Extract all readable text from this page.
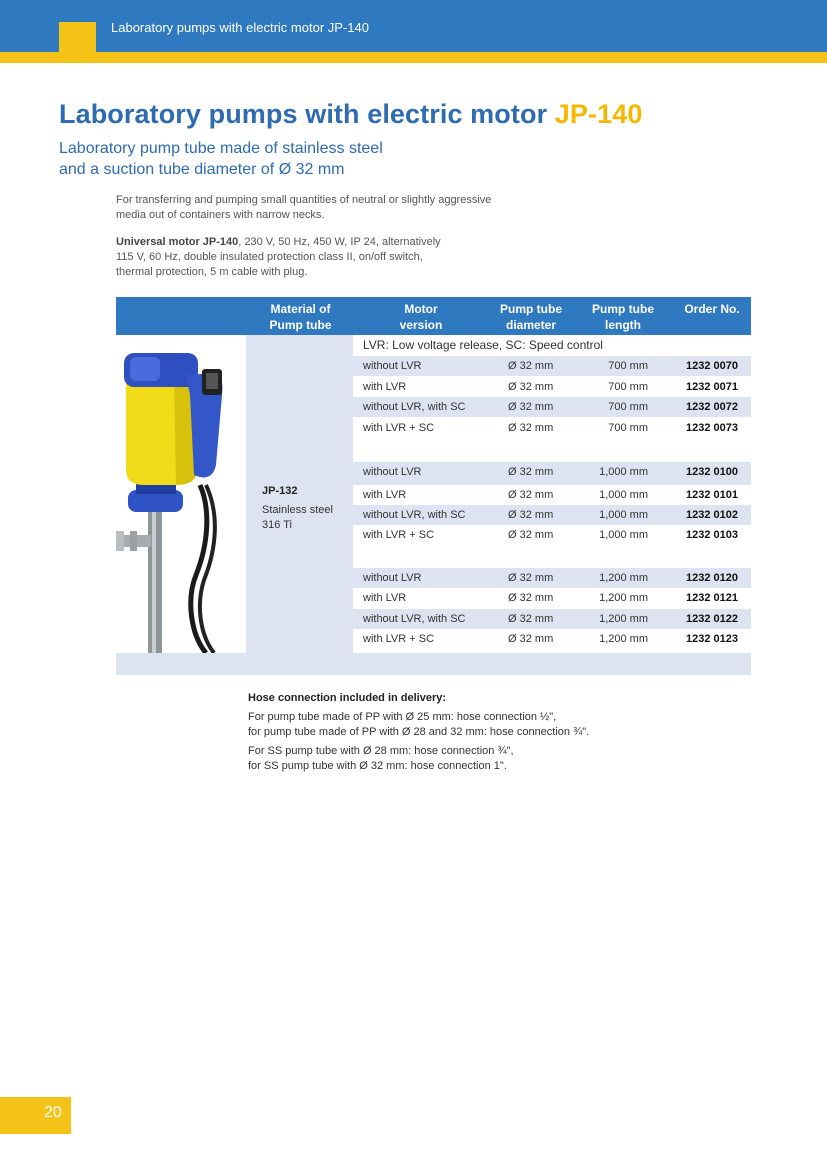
Laboratory pumps with electric motor JP-140
Laboratory pumps with electric motor JP-140
Laboratory pump tube made of stainless steel
and a suction tube diameter of Ø 32 mm
For transferring and pumping small quantities of neutral or slightly aggressive
media out of containers with narrow necks.
Universal motor JP-140, 230 V, 50 Hz, 450 W, IP 24, alternatively
115 V, 60 Hz, double insulated protection class II, on/off switch,
thermal protection, 5 m cable with plug.
Material of
Pump tube
Motor
version
Pump tube
diameter
Pump tube
length
Order No.
JP-132
Stainless steel
316 Ti
LVR: Low voltage release, SC: Speed control
without LVR	Ø 32 mm	700 mm	1232 0070
with LVR	Ø 32 mm	700 mm	1232 0071
without LVR, with SC	Ø 32 mm	700 mm	1232 0072
with LVR + SC	Ø 32 mm	700 mm	1232 0073
without LVR	Ø 32 mm	1,000 mm	1232 0100
with LVR	Ø 32 mm	1,000 mm	1232 0101
without LVR, with SC	Ø 32 mm	1,000 mm	1232 0102
with LVR + SC	Ø 32 mm	1,000 mm	1232 0103
without LVR	Ø 32 mm	1,200 mm	1232 0120
with LVR	Ø 32 mm	1,200 mm	1232 0121
without LVR, with SC	Ø 32 mm	1,200 mm	1232 0122
with LVR + SC	Ø 32 mm	1,200 mm	1232 0123
Hose connection included in delivery:
For pump tube made of PP with Ø 25 mm: hose connection ½",
for pump tube made of PP with Ø 28 and 32 mm: hose connection ¾".
For SS pump tube with Ø 28 mm: hose connection ¾",
for SS pump tube with Ø 32 mm: hose connection 1".
20
